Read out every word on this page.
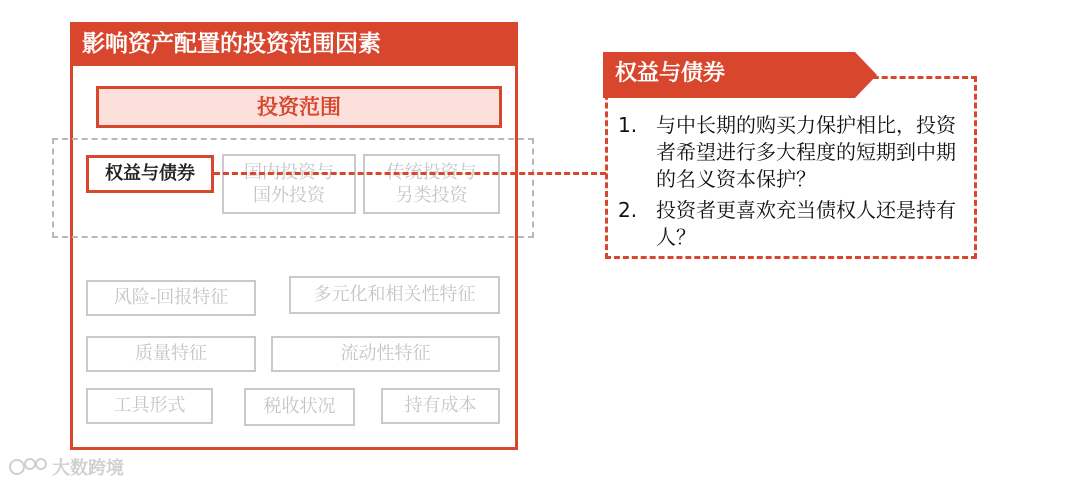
影响资产配置的投资范围因素
投资范围
权益与债券	国内投资与
国外投资
传统投资与
另类投资
风险-回报特征	多元化和相关性特征
质量特征	流动性特征
工具形式	税收状况	持有成本
权益与债券
1. 与中长期的购买力保护相比，投资者希望进行多大程度的短期到中期的名义资本保护？
2. 投资者更喜欢充当债权人还是持有人？
大数跨境
